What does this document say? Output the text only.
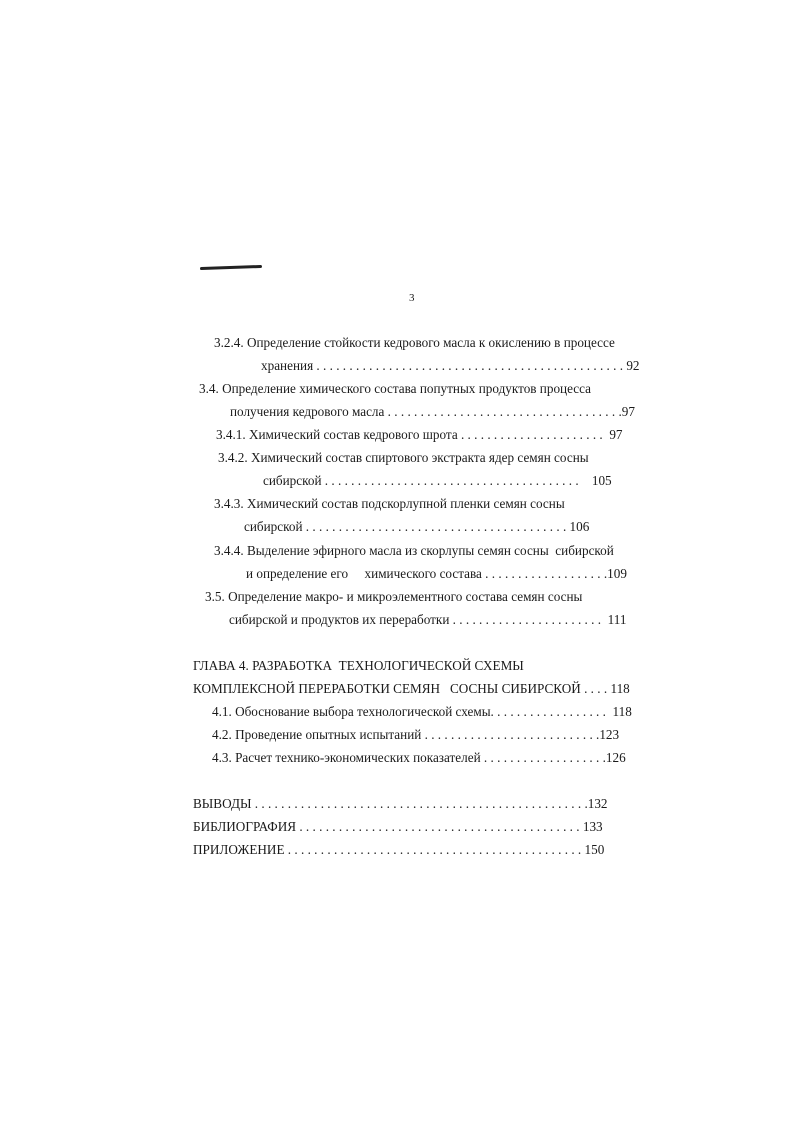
3
3.2.4. Определение стойкости кедрового масла к окислению в процессе
хранения . . . . . . . . . . . . . . . . . . . . . . . . . . . . . . . . . . . . . . . . . . . . . . . 92
3.4. Определение химического состава попутных продуктов процесса
получения кедрового масла . . . . . . . . . . . . . . . . . . . . . . . . . . . . . . . . . . . .97
3.4.1. Химический состав кедрового шрота . . . . . . . . . . . . . . . . . . . . . .  97
3.4.2. Химический состав спиртового экстракта ядер семян сосны
сибирской . . . . . . . . . . . . . . . . . . . . . . . . . . . . . . . . . . . . . . .    105
3.4.3. Химический состав подскорлупной пленки семян сосны
сибирской . . . . . . . . . . . . . . . . . . . . . . . . . . . . . . . . . . . . . . . . 106
3.4.4. Выделение эфирного масла из скорлупы семян сосны  сибирской
и определение его     химического состава . . . . . . . . . . . . . . . . . . .109
3.5. Определение макро- и микроэлементного состава семян сосны
сибирской и продуктов их переработки . . . . . . . . . . . . . . . . . . . . . . .  111
ГЛАВА 4. РАЗРАБОТКА  ТЕХНОЛОГИЧЕСКОЙ СХЕМЫ
КОМПЛЕКСНОЙ ПЕРЕРАБОТКИ СЕМЯН   СОСНЫ СИБИРСКОЙ . . . . 118
4.1. Обоснование выбора технологической схемы. . . . . . . . . . . . . . . . . .  118
4.2. Проведение опытных испытаний . . . . . . . . . . . . . . . . . . . . . . . . . . .123
4.3. Расчет технико-экономических показателей . . . . . . . . . . . . . . . . . . .126
ВЫВОДЫ . . . . . . . . . . . . . . . . . . . . . . . . . . . . . . . . . . . . . . . . . . . . . . . . . . .132
БИБЛИОГРАФИЯ . . . . . . . . . . . . . . . . . . . . . . . . . . . . . . . . . . . . . . . . . . . 133
ПРИЛОЖЕНИЕ . . . . . . . . . . . . . . . . . . . . . . . . . . . . . . . . . . . . . . . . . . . . . 150
